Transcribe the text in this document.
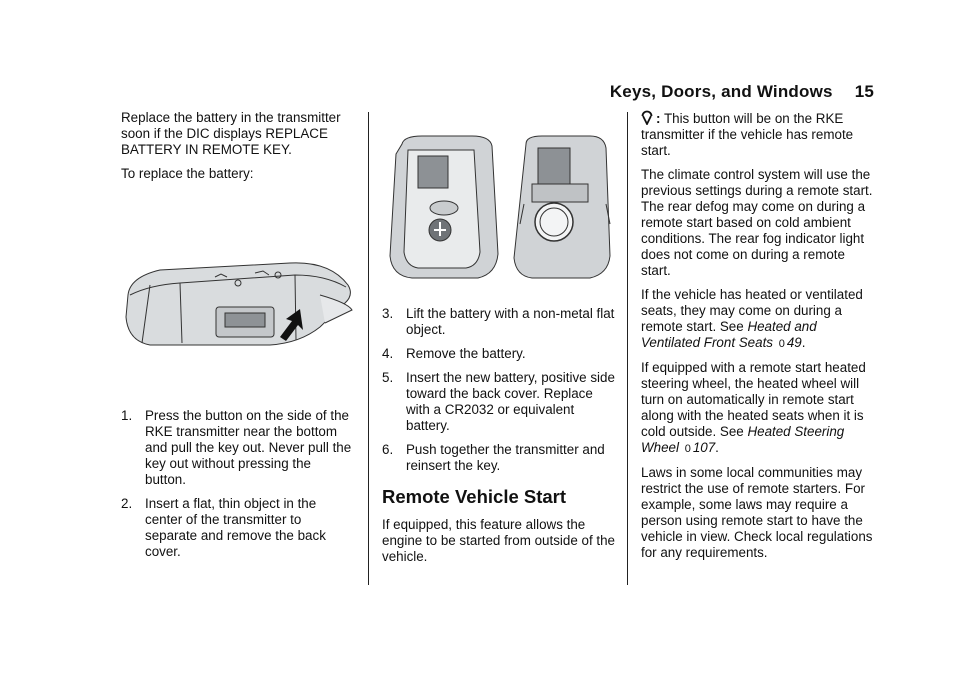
Keys, Doors, and Windows 15

Replace the battery in the transmitter soon if the DIC displays REPLACE BATTERY IN REMOTE KEY.

To replace the battery:

1. Press the button on the side of the RKE transmitter near the bottom and pull the key out. Never pull the key out without pressing the button.
2. Insert a flat, thin object in the center of the transmitter to separate and remove the back cover.
3. Lift the battery with a non-metal flat object.
4. Remove the battery.
5. Insert the new battery, positive side toward the back cover. Replace with a CR2032 or equivalent battery.
6. Push together the transmitter and reinsert the key.
Remote Vehicle Start

If equipped, this feature allows the engine to be started from outside of the vehicle.

: This button will be on the RKE transmitter if the vehicle has remote start.

The climate control system will use the previous settings during a remote start. The rear defog may come on during a remote start based on cold ambient conditions. The rear fog indicator light does not come on during a remote start.

If the vehicle has heated or ventilated seats, they may come on during a remote start. See Heated and Ventilated Front Seats 0 49.

If equipped with a remote start heated steering wheel, the heated wheel will turn on automatically in remote start along with the heated seats when it is cold outside. See Heated Steering Wheel 0 107.

Laws in some local communities may restrict the use of remote starters. For example, some laws may require a person using remote start to have the vehicle in view. Check local regulations for any requirements.
